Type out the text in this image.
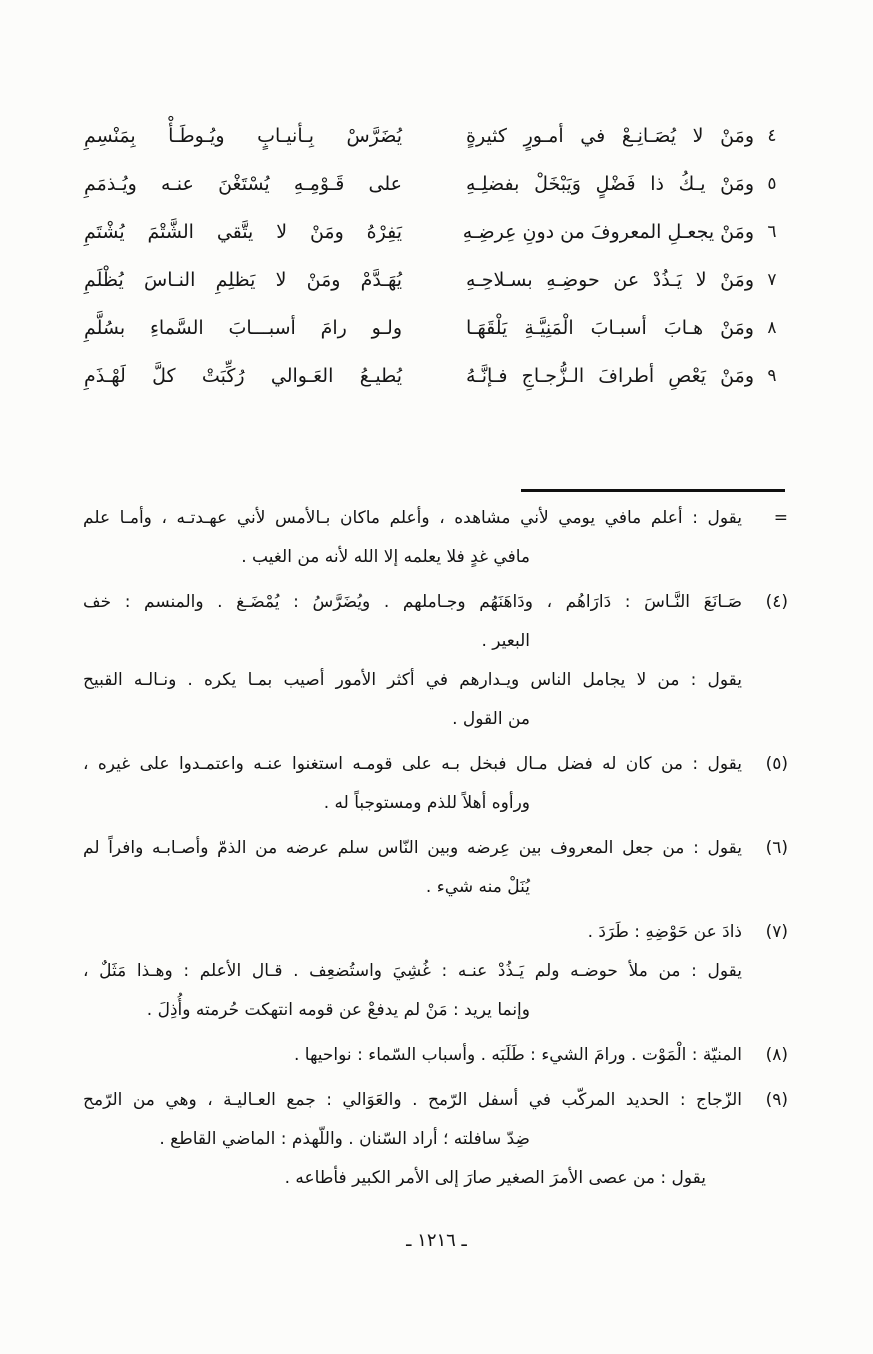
٤
ومَنْ لا يُصَـانِـعْ في أمـورٍ كثيرةٍ
يُضَرَّسْ بِـأنيـابٍ ويُـوطَـأْ بِمَنْسِمِ
٥
ومَنْ يـكُ ذا فَضْلٍ وَيَبْخَلْ بفضلِـهِ
على قَـوْمِـهِ يُسْتَغْنَ عنـه ويُـذمَمِ
٦
ومَنْ يجعـلِ المعروفَ من دونِ عِرضِـهِ
يَفِرْهُ ومَنْ لا يتَّقي الشَّتْمَ يُشْتَمِ
٧
ومَنْ لا يَـذُدْ عن حوضِـهِ بسـلاحِـهِ
يُهَـدَّمْ ومَنْ لا يَظلِمِ النـاسَ يُظْلَمِ
٨
ومَنْ هـابَ أسبـابَ الْمَنِيَّـةِ يَلْقَهَـا
ولـو رامَ أسبـــابَ السَّماءِ بسُلَّمِ
٩
ومَنْ يَعْصِ أطرافَ الـزُّجـاجِ فـإنَّـهُ
يُطيـعُ العَـوالي رُكِّبَتْ كلَّ لَهْـذَمِ
=
يقول : أعلم مافي يومي لأني مشاهده ، وأعلم ماكان بـالأمس لأني عهـدتـه ، وأمـا علم
مافي غدٍ فلا يعلمه إلا الله لأنه من الغيب .
(٤)
صَـانَعَ النَّـاسَ : دَارَاهُم ، ودَاهَنَهُم وجـاملهم . ويُضَرَّسُ : يُمْضَـغ . والمنسم : خف
البعير .
يقول : من لا يجامل الناس ويـدارهم في أكثر الأمور أصيب بمـا يكره . ونـالـه القبيح
من القول .
(٥)
يقول : من كان له فضل مـال فبخل بـه على قومـه استغنوا عنـه واعتمـدوا على غيره ،
ورأوه أهلاً للذم ومستوجباً له .
(٦)
يقول : من جعل المعروف بين عِرضه وبين النّاس سلم عرضه من الذمّ وأصـابـه وافراً لم
يُنَلْ منه شيء .
(٧)
ذادَ عن حَوْضِهِ : طَرَدَ .
يقول : من ملأ حوضـه ولم يَـذُدْ عنـه : غُشِيَ واستُضعِف . قـال الأعلم : وهـذا مَثَلٌ ،
وإنما يريد : مَنْ لم يدفعْ عن قومه انتهكت حُرمته وأُذِلَ .
(٨)
المنيّة : الْمَوْت . ورامَ الشيء : طَلَبَه . وأسباب السّماء : نواحيها .
(٩)
الزّجاج : الحديد المركّب في أسفل الرّمح . والعَوَالي : جمع العـاليـة ، وهي من الرّمح
ضِدّ سافلته ؛ أراد السّنان . واللّهذم : الماضي القاطع .
يقول : من عصى الأمرَ الصغير صارَ إلى الأمر الكبير فأطاعه .
ـ ١٢١٦ ـ
